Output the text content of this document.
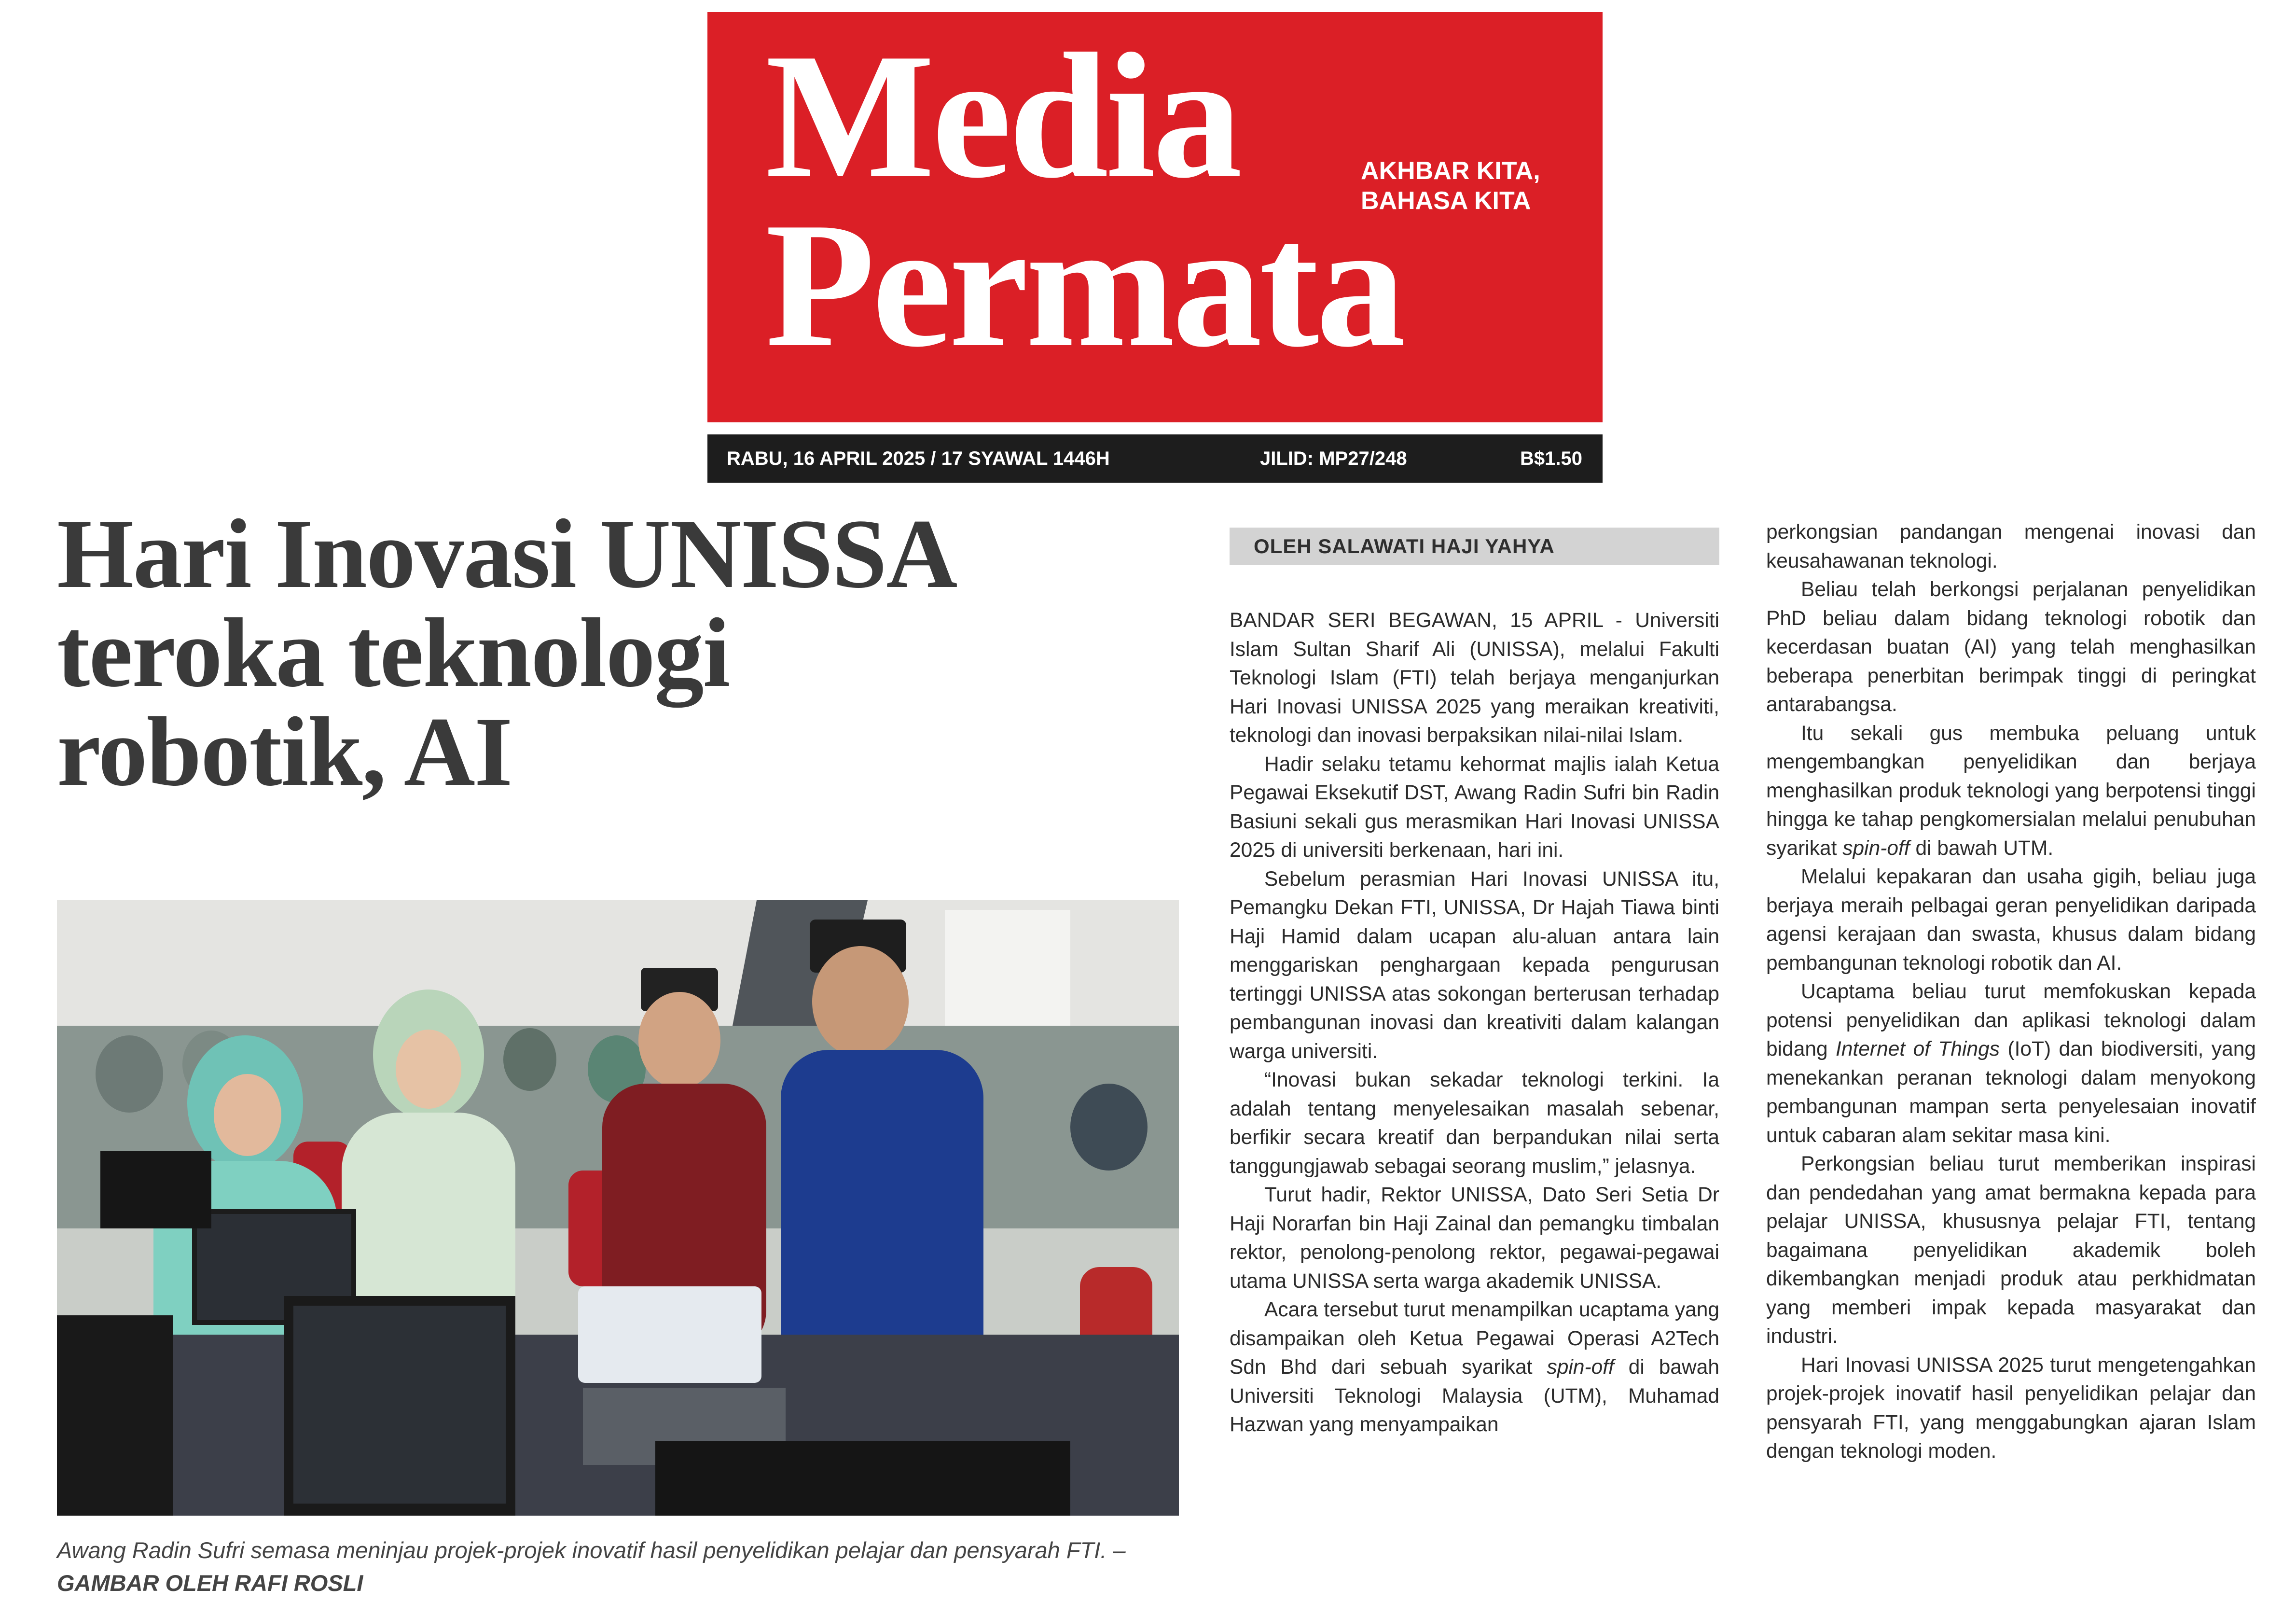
Media
Permata

AKHBAR KITA,
BAHASA KITA

RABU, 16 APRIL 2025 / 17 SYAWAL 1446H	JILID: MP27/248	B$1.50
Hari Inovasi UNISSA
teroka teknologi
robotik, AI

Awang Radin Sufri semasa meninjau projek-projek inovatif hasil penyelidikan pelajar dan pensyarah FTI. – GAMBAR OLEH RAFI ROSLI

OLEH SALAWATI HAJI YAHYA

BANDAR SERI BEGAWAN, 15 APRIL - Universiti Islam Sultan Sharif Ali (UNISSA), melalui Fakulti Teknologi Islam (FTI) telah berjaya menganjurkan Hari Inovasi UNISSA 2025 yang meraikan kreativiti, teknologi dan inovasi berpaksikan nilai-nilai Islam.

Hadir selaku tetamu kehormat majlis ialah Ketua Pegawai Eksekutif DST, Awang Radin Sufri bin Radin Basiuni sekali gus merasmikan Hari Inovasi UNISSA 2025 di universiti berkenaan, hari ini.

Sebelum perasmian Hari Inovasi UNISSA itu, Pemangku Dekan FTI, UNISSA, Dr Hajah Tiawa binti Haji Hamid dalam ucapan alu-aluan antara lain menggariskan penghargaan kepada pengurusan tertinggi UNISSA atas sokongan berterusan terhadap pembangunan inovasi dan kreativiti dalam kalangan warga universiti.

“Inovasi bukan sekadar teknologi terkini. Ia adalah tentang menyelesaikan masalah sebenar, berfikir secara kreatif dan berpandukan nilai serta tanggungjawab sebagai seorang muslim,” jelasnya.

Turut hadir, Rektor UNISSA, Dato Seri Setia Dr Haji Norarfan bin Haji Zainal dan pemangku timbalan rektor, penolong-penolong rektor, pegawai-pegawai utama UNISSA serta warga akademik UNISSA.

Acara tersebut turut menampilkan ucaptama yang disampaikan oleh Ketua Pegawai Operasi A2Tech Sdn Bhd dari sebuah syarikat spin-off di bawah Universiti Teknologi Malaysia (UTM), Muhamad Hazwan yang menyampaikan

perkongsian pandangan mengenai inovasi dan keusahawanan teknologi.

Beliau telah berkongsi perjalanan penyelidikan PhD beliau dalam bidang teknologi robotik dan kecerdasan buatan (AI) yang telah menghasilkan beberapa penerbitan berimpak tinggi di peringkat antarabangsa.

Itu sekali gus membuka peluang untuk mengembangkan penyelidikan dan berjaya menghasilkan produk teknologi yang berpotensi tinggi hingga ke tahap pengkomersialan melalui penubuhan syarikat spin-off di bawah UTM.

Melalui kepakaran dan usaha gigih, beliau juga berjaya meraih pelbagai geran penyelidikan daripada agensi kerajaan dan swasta, khusus dalam bidang pembangunan teknologi robotik dan AI.

Ucaptama beliau turut memfokuskan kepada potensi penyelidikan dan aplikasi teknologi dalam bidang Internet of Things (IoT) dan biodiversiti, yang menekankan peranan teknologi dalam menyokong pembangunan mampan serta penyelesaian inovatif untuk cabaran alam sekitar masa kini.

Perkongsian beliau turut memberikan inspirasi dan pendedahan yang amat bermakna kepada para pelajar UNISSA, khususnya pelajar FTI, tentang bagaimana penyelidikan akademik boleh dikembangkan menjadi produk atau perkhidmatan yang memberi impak kepada masyarakat dan industri.

Hari Inovasi UNISSA 2025 turut mengetengahkan projek-projek inovatif hasil penyelidikan pelajar dan pensyarah FTI, yang menggabungkan ajaran Islam dengan teknologi moden.
